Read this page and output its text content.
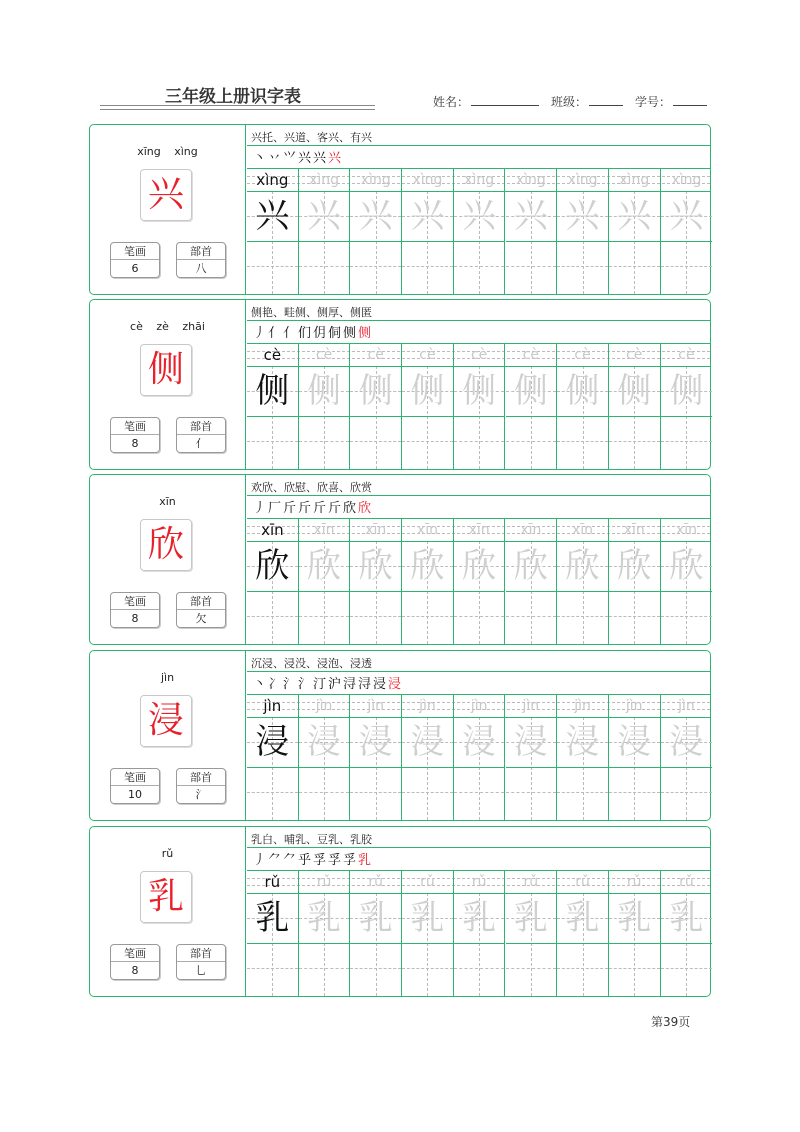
三年级上册识字表	姓名：	班级：	学号：
xīng xìng
兴
笔画
6
部首
八
兴托、兴道、客兴、有兴
丶 丷 ⺍ 兴 兴 兴
xìng
兴
xìng
兴
xìng
兴
xìng
兴
xìng
兴
xìng
兴
xìng
兴
xìng
兴
xìng
兴
cè zè zhāi
侧
笔画
8
部首
亻
侧艳、畦侧、侧厚、侧匿
丿 亻 亻 们 仴 侗 侧 侧
cè
侧
cè
侧
cè
侧
cè
侧
cè
侧
cè
侧
cè
侧
cè
侧
cè
侧
xīn
欣
笔画
8
部首
欠
欢欣、欣慰、欣喜、欣赏
丿 厂 斤 斤 斤 斤 欣 欣
xīn
欣
xīn
欣
xīn
欣
xīn
欣
xīn
欣
xīn
欣
xīn
欣
xīn
欣
xīn
欣
jìn
浸
笔画
10
部首
氵
沉浸、浸没、浸泡、浸透
丶 冫 氵 氵 汀 沪 浔 浔 浸 浸
jìn
浸
jìn
浸
jìn
浸
jìn
浸
jìn
浸
jìn
浸
jìn
浸
jìn
浸
jìn
浸
rǔ
乳
笔画
8
部首
乚
乳白、哺乳、豆乳、乳胶
丿 ⺈ ⺈ 乎 孚 孚 孚 乳
rǔ
乳
rǔ
乳
rǔ
乳
rǔ
乳
rǔ
乳
rǔ
乳
rǔ
乳
rǔ
乳
rǔ
乳
第39页
